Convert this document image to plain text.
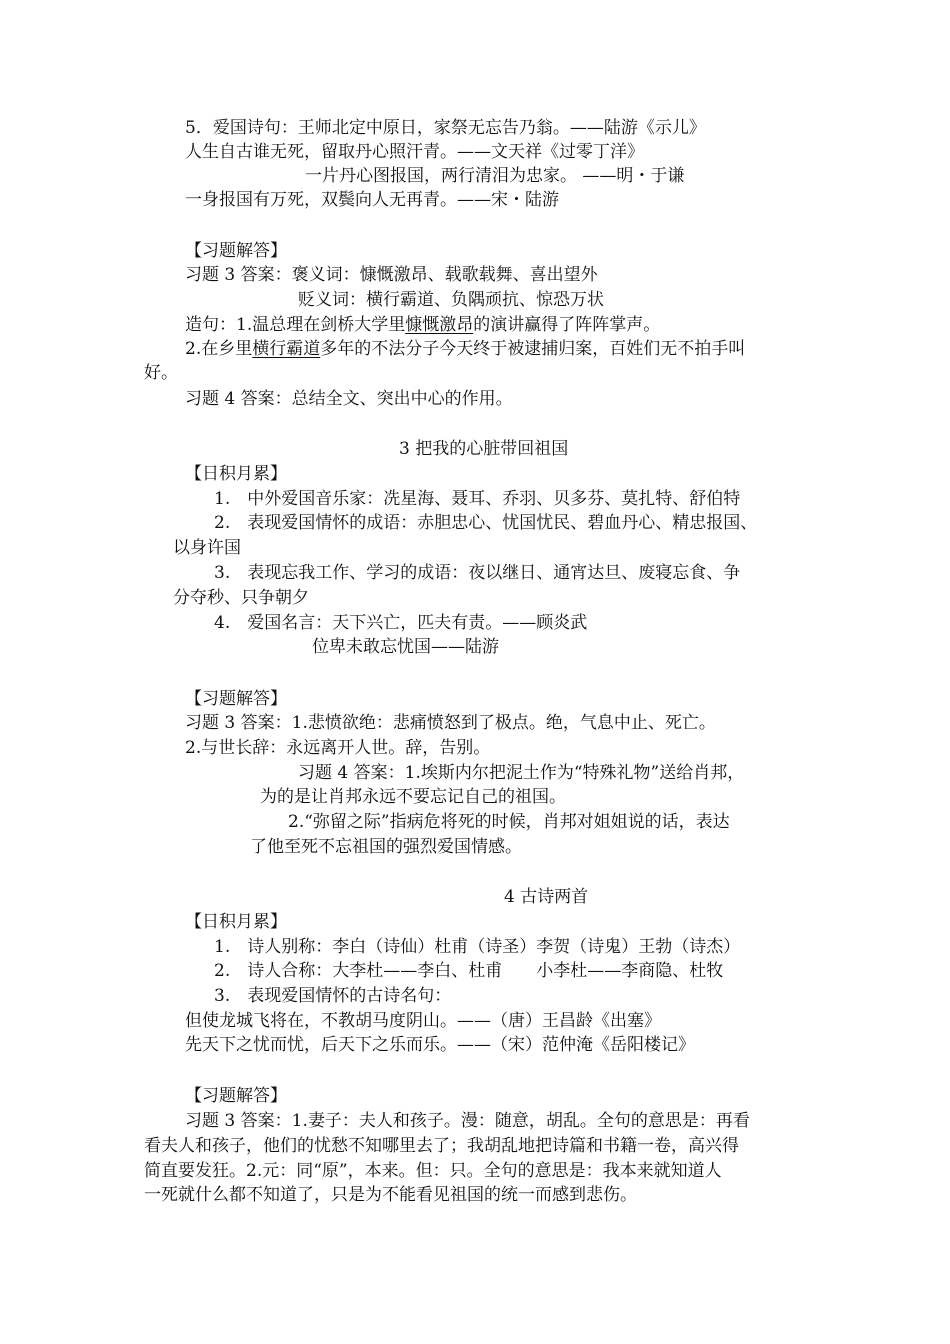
5．爱国诗句：王师北定中原日，家祭无忘告乃翁。——陆游《示儿》

人生自古谁无死，留取丹心照汗青。——文天祥《过零丁洋》

一片丹心图报国，两行清泪为忠家。 ——明・于谦

一身报国有万死，双鬓向人无再青。——宋・陆游

【习题解答】

习题 3 答案：褒义词：慷慨激昂、载歌载舞、喜出望外

贬义词：横行霸道、负隅顽抗、惊恐万状

造句：1.温总理在剑桥大学里慷慨激昂的演讲赢得了阵阵掌声。

2.在乡里横行霸道多年的不法分子今天终于被逮捕归案，百姓们无不拍手叫

好。

习题 4 答案：总结全文、突出中心的作用。

3 把我的心脏带回祖国

【日积月累】

1.　中外爱国音乐家：冼星海、聂耳、乔羽、贝多芬、莫扎特、舒伯特

2.　表现爱国情怀的成语：赤胆忠心、忧国忧民、碧血丹心、精忠报国、

以身许国

3.　表现忘我工作、学习的成语：夜以继日、通宵达旦、废寝忘食、争

分夺秒、只争朝夕

4.　爱国名言：天下兴亡，匹夫有责。——顾炎武

位卑未敢忘忧国——陆游

【习题解答】

习题 3 答案：1.悲愤欲绝：悲痛愤怒到了极点。绝，气息中止、死亡。

2.与世长辞：永远离开人世。辞，告别。

习题 4 答案：1.埃斯内尔把泥土作为“特殊礼物”送给肖邦，

为的是让肖邦永远不要忘记自己的祖国。

2.“弥留之际”指病危将死的时候，肖邦对姐姐说的话，表达

了他至死不忘祖国的强烈爱国情感。

4 古诗两首

【日积月累】

1.　诗人别称：李白（诗仙）杜甫（诗圣）李贺（诗鬼）王勃（诗杰）

2.　诗人合称：大李杜——李白、杜甫　　小李杜——李商隐、杜牧

3.　表现爱国情怀的古诗名句：

但使龙城飞将在，不教胡马度阴山。——（唐）王昌龄《出塞》

先天下之忧而忧，后天下之乐而乐。——（宋）范仲淹《岳阳楼记》

【习题解答】

习题 3 答案：1.妻子：夫人和孩子。漫：随意，胡乱。全句的意思是：再看

看夫人和孩子，他们的忧愁不知哪里去了；我胡乱地把诗篇和书籍一卷，高兴得

简直要发狂。2.元：同“原”，本来。但：只。全句的意思是：我本来就知道人

一死就什么都不知道了，只是为不能看见祖国的统一而感到悲伤。
